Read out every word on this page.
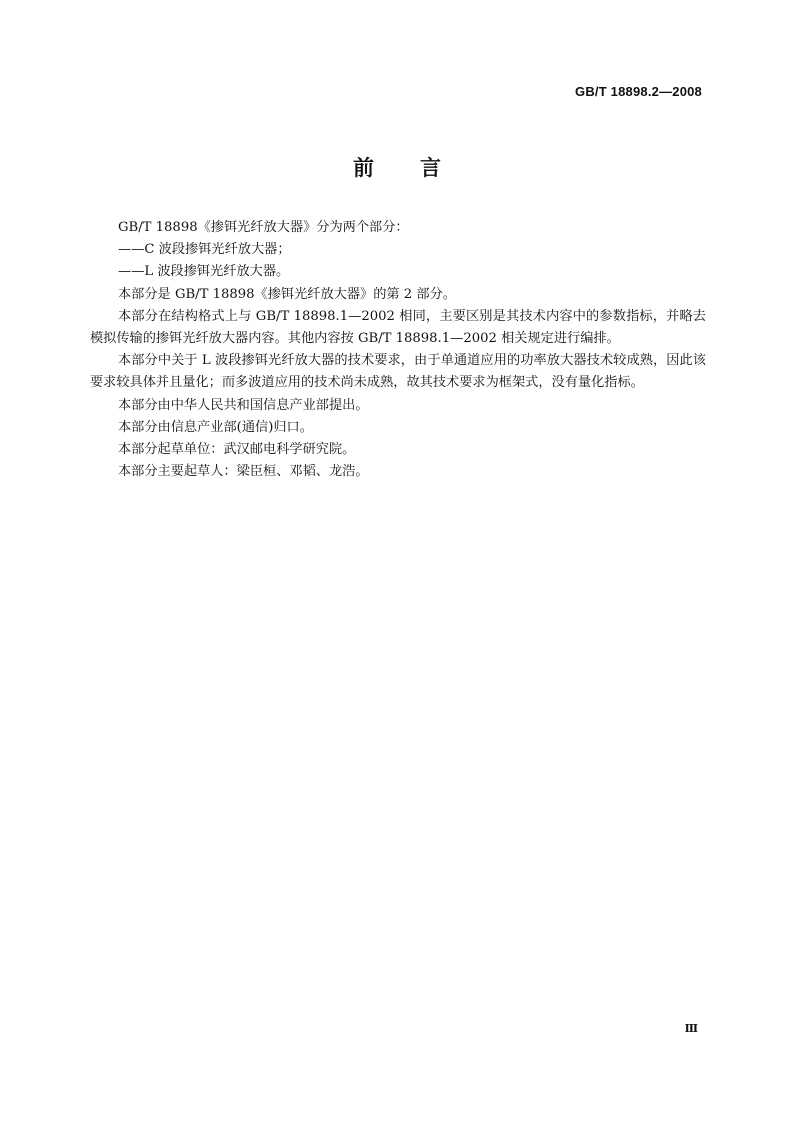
GB/T 18898.2—2008
前言

GB/T 18898《掺铒光纤放大器》分为两个部分：

——C 波段掺铒光纤放大器；

——L 波段掺铒光纤放大器。

本部分是 GB/T 18898《掺铒光纤放大器》的第 2 部分。

本部分在结构格式上与 GB/T 18898.1—2002 相同，主要区别是其技术内容中的参数指标，并略去模拟传输的掺铒光纤放大器内容。其他内容按 GB/T 18898.1—2002 相关规定进行编排。

本部分中关于 L 波段掺铒光纤放大器的技术要求，由于单通道应用的功率放大器技术较成熟，因此该要求较具体并且量化；而多波道应用的技术尚未成熟，故其技术要求为框架式，没有量化指标。

本部分由中华人民共和国信息产业部提出。

本部分由信息产业部(通信)归口。

本部分起草单位：武汉邮电科学研究院。

本部分主要起草人：梁臣桓、邓韬、龙浩。

Ⅲ
